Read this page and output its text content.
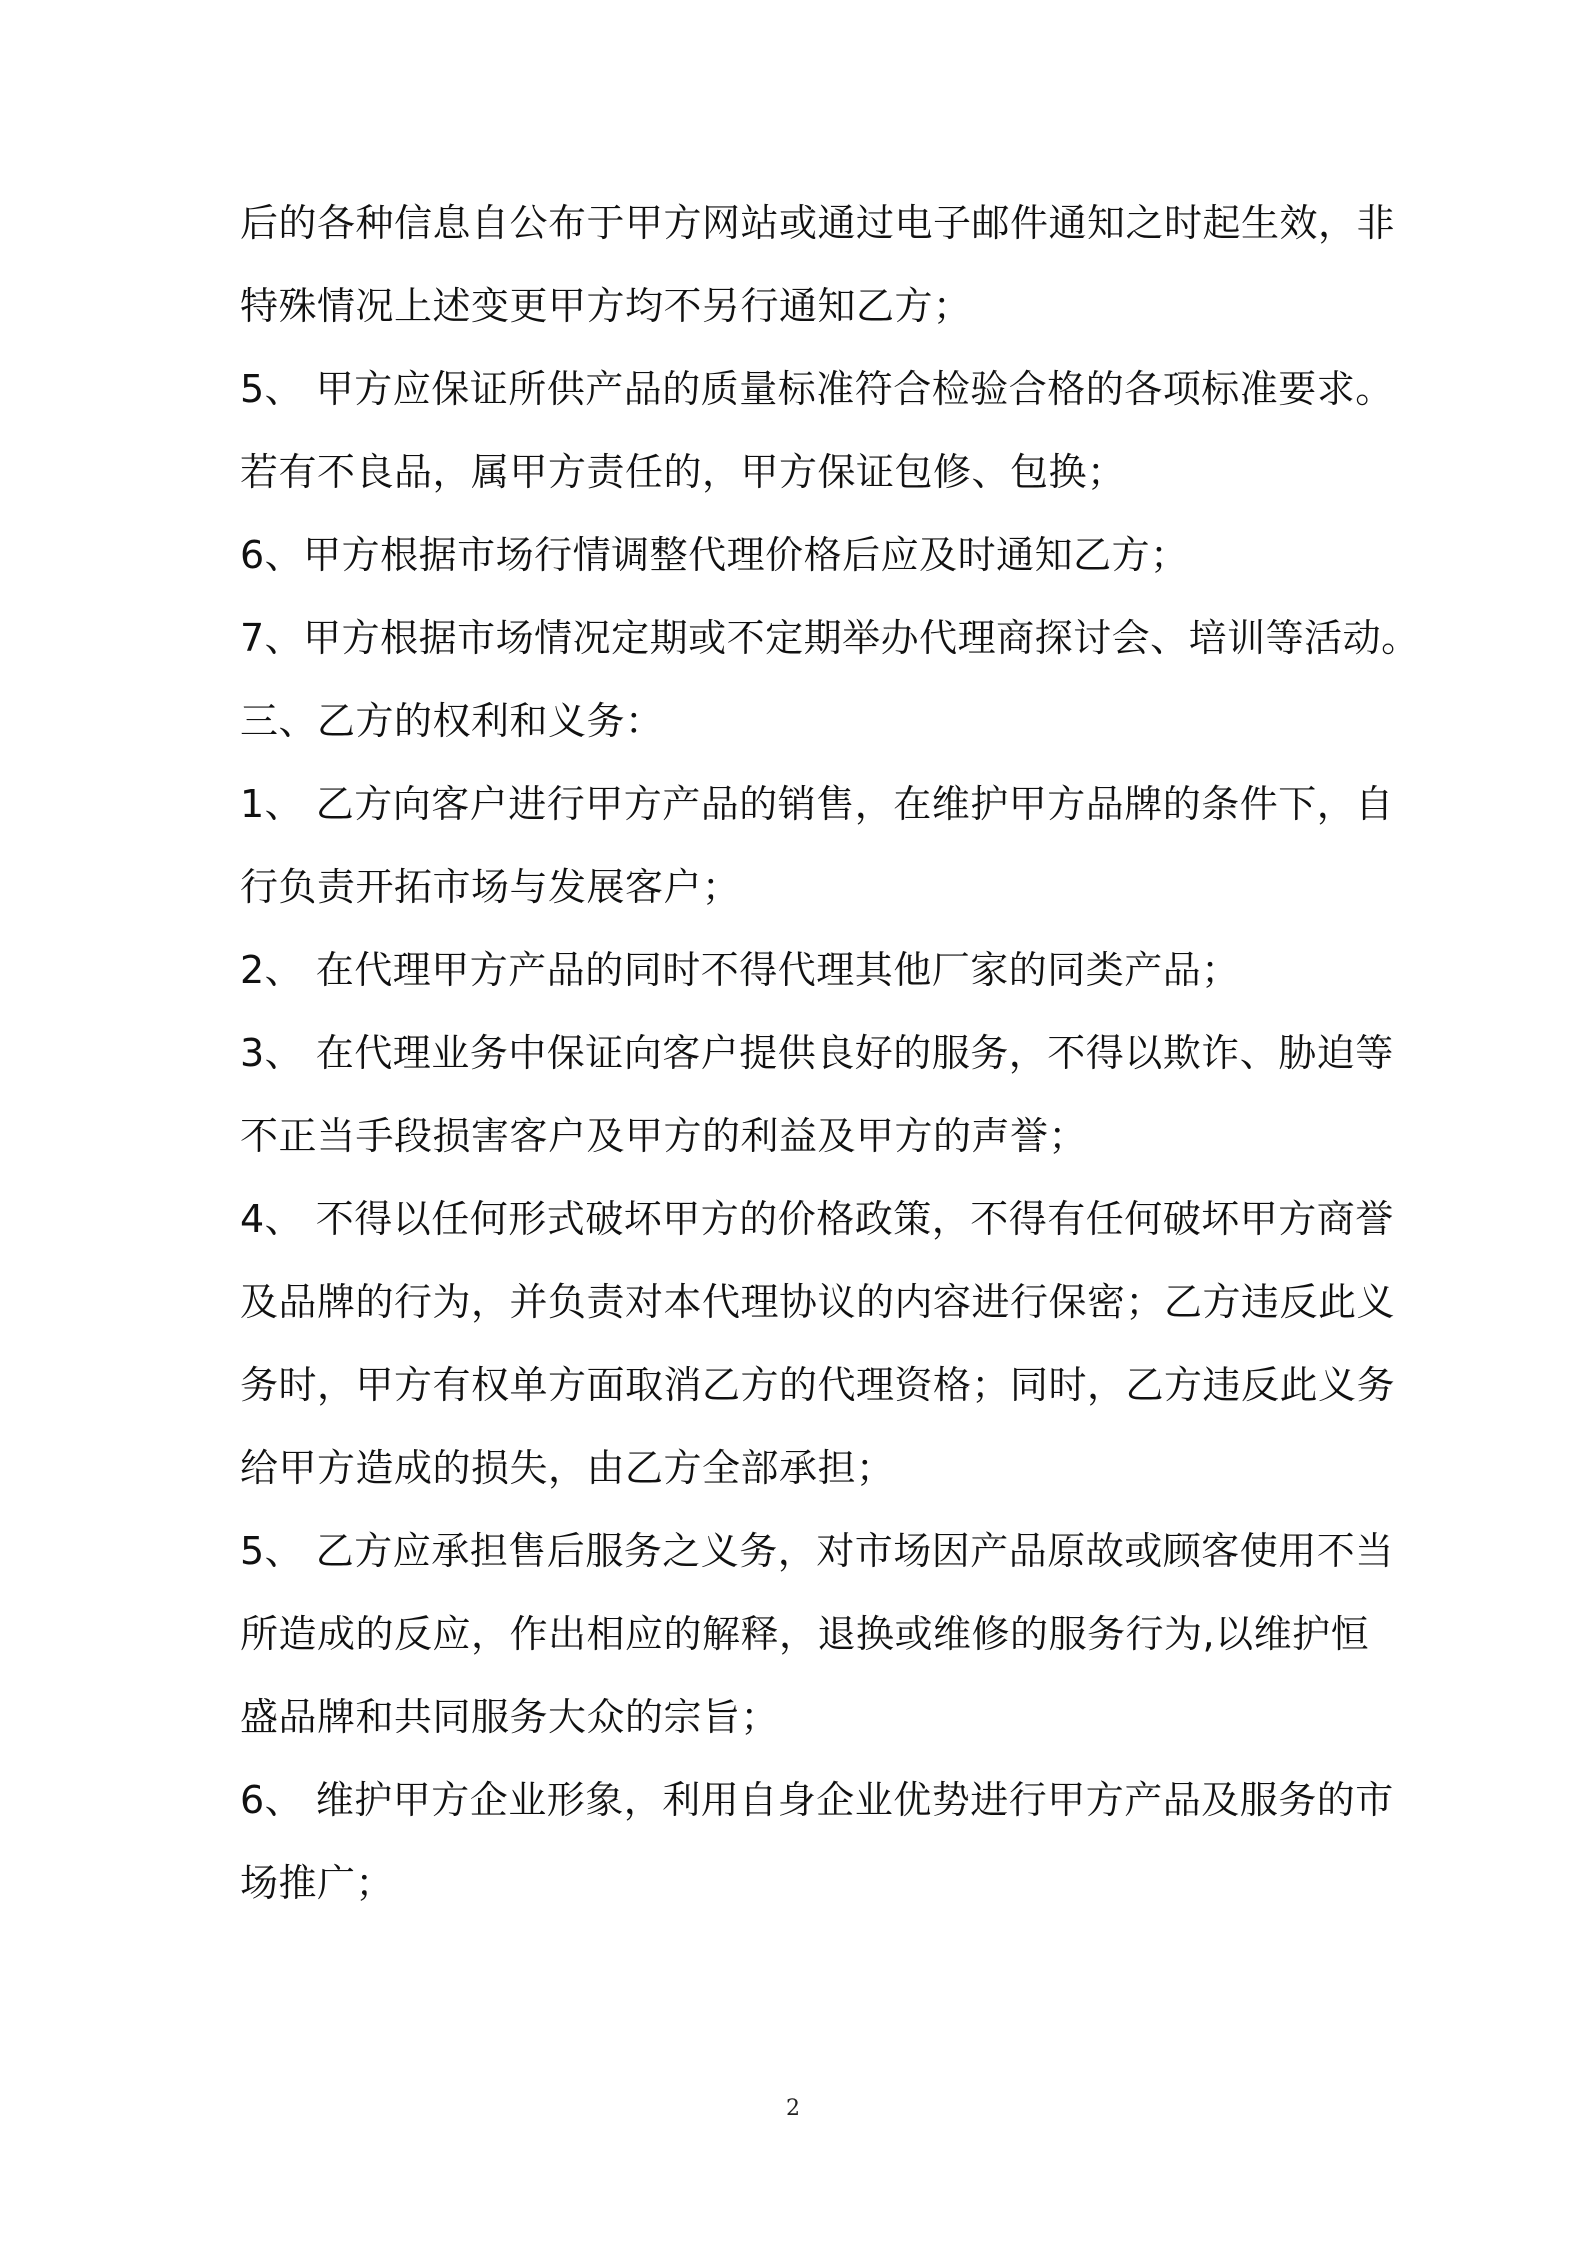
后的各种信息自公布于甲方网站或通过电子邮件通知之时起生效，非
特殊情况上述变更甲方均不另行通知乙方；
5、 甲方应保证所供产品的质量标准符合检验合格的各项标准要求。
若有不良品，属甲方责任的，甲方保证包修、包换；
6、甲方根据市场行情调整代理价格后应及时通知乙方；
7、甲方根据市场情况定期或不定期举办代理商探讨会、培训等活动。
三、乙方的权利和义务：
1、 乙方向客户进行甲方产品的销售，在维护甲方品牌的条件下，自
行负责开拓市场与发展客户；
2、 在代理甲方产品的同时不得代理其他厂家的同类产品；
3、 在代理业务中保证向客户提供良好的服务，不得以欺诈、胁迫等
不正当手段损害客户及甲方的利益及甲方的声誉；
4、 不得以任何形式破坏甲方的价格政策，不得有任何破坏甲方商誉
及品牌的行为，并负责对本代理协议的内容进行保密；乙方违反此义
务时，甲方有权单方面取消乙方的代理资格；同时，乙方违反此义务
给甲方造成的损失，由乙方全部承担；
5、 乙方应承担售后服务之义务，对市场因产品原故或顾客使用不当
所造成的反应，作出相应的解释，退换或维修的服务行为,以维护恒
盛品牌和共同服务大众的宗旨；
6、 维护甲方企业形象，利用自身企业优势进行甲方产品及服务的市
场推广；
2
